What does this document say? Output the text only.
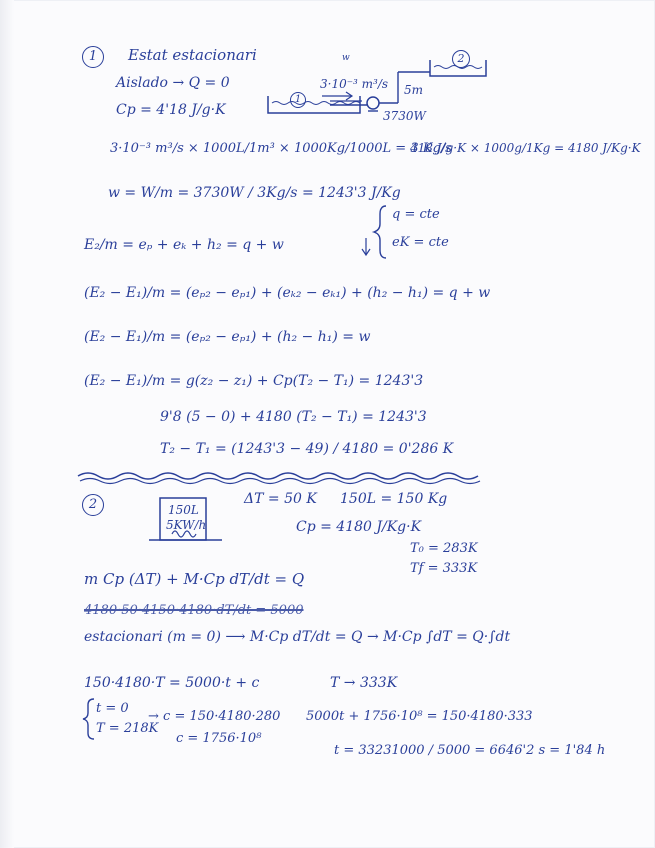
1	Estat estacionari
Aislado → Q = 0
Cp = 4'18 J/g·K
w	2
1
3·10⁻³ m³/s 5m
3730W
3·10⁻³ m³/s × 1000L/1m³ × 1000Kg/1000L = 3 Kg/s
418 J/g·K × 1000g/1Kg = 4180 J/Kg·K
w = W/m = 3730W / 3Kg/s = 1243'3 J/Kg
q = cte
eK = cte
E₂/m = eₚ + eₖ + h₂ = q + w
(E₂ − E₁)/m = (eₚ₂ − eₚ₁) + (eₖ₂ − eₖ₁) + (h₂ − h₁) = q + w
(E₂ − E₁)/m = (eₚ₂ − eₚ₁) + (h₂ − h₁) = w
(E₂ − E₁)/m = g(z₂ − z₁) + Cp(T₂ − T₁) = 1243'3
9'8 (5 − 0) + 4180 (T₂ − T₁) = 1243'3
T₂ − T₁ = (1243'3 − 49) / 4180 = 0'286 K
2	150L
5KW/h
ΔT = 50 K 150L = 150 Kg
Cp = 4180 J/Kg·K
T₀ = 283K
Tf = 333K
m Cp (ΔT) + M·Cp dT/dt = Q
4180·50·4150·4180·dT/dt = 5000
estacionari (m = 0) ⟶ M·Cp dT/dt = Q → M·Cp ∫dT = Q·∫dt
150·4180·T = 5000·t + c	T → 333K
t = 0
T = 218K
→ c = 150·4180·280
c = 1756·10⁸
5000t + 1756·10⁸ = 150·4180·333
t = 33231000 / 5000 = 6646'2 s = 1'84 h
